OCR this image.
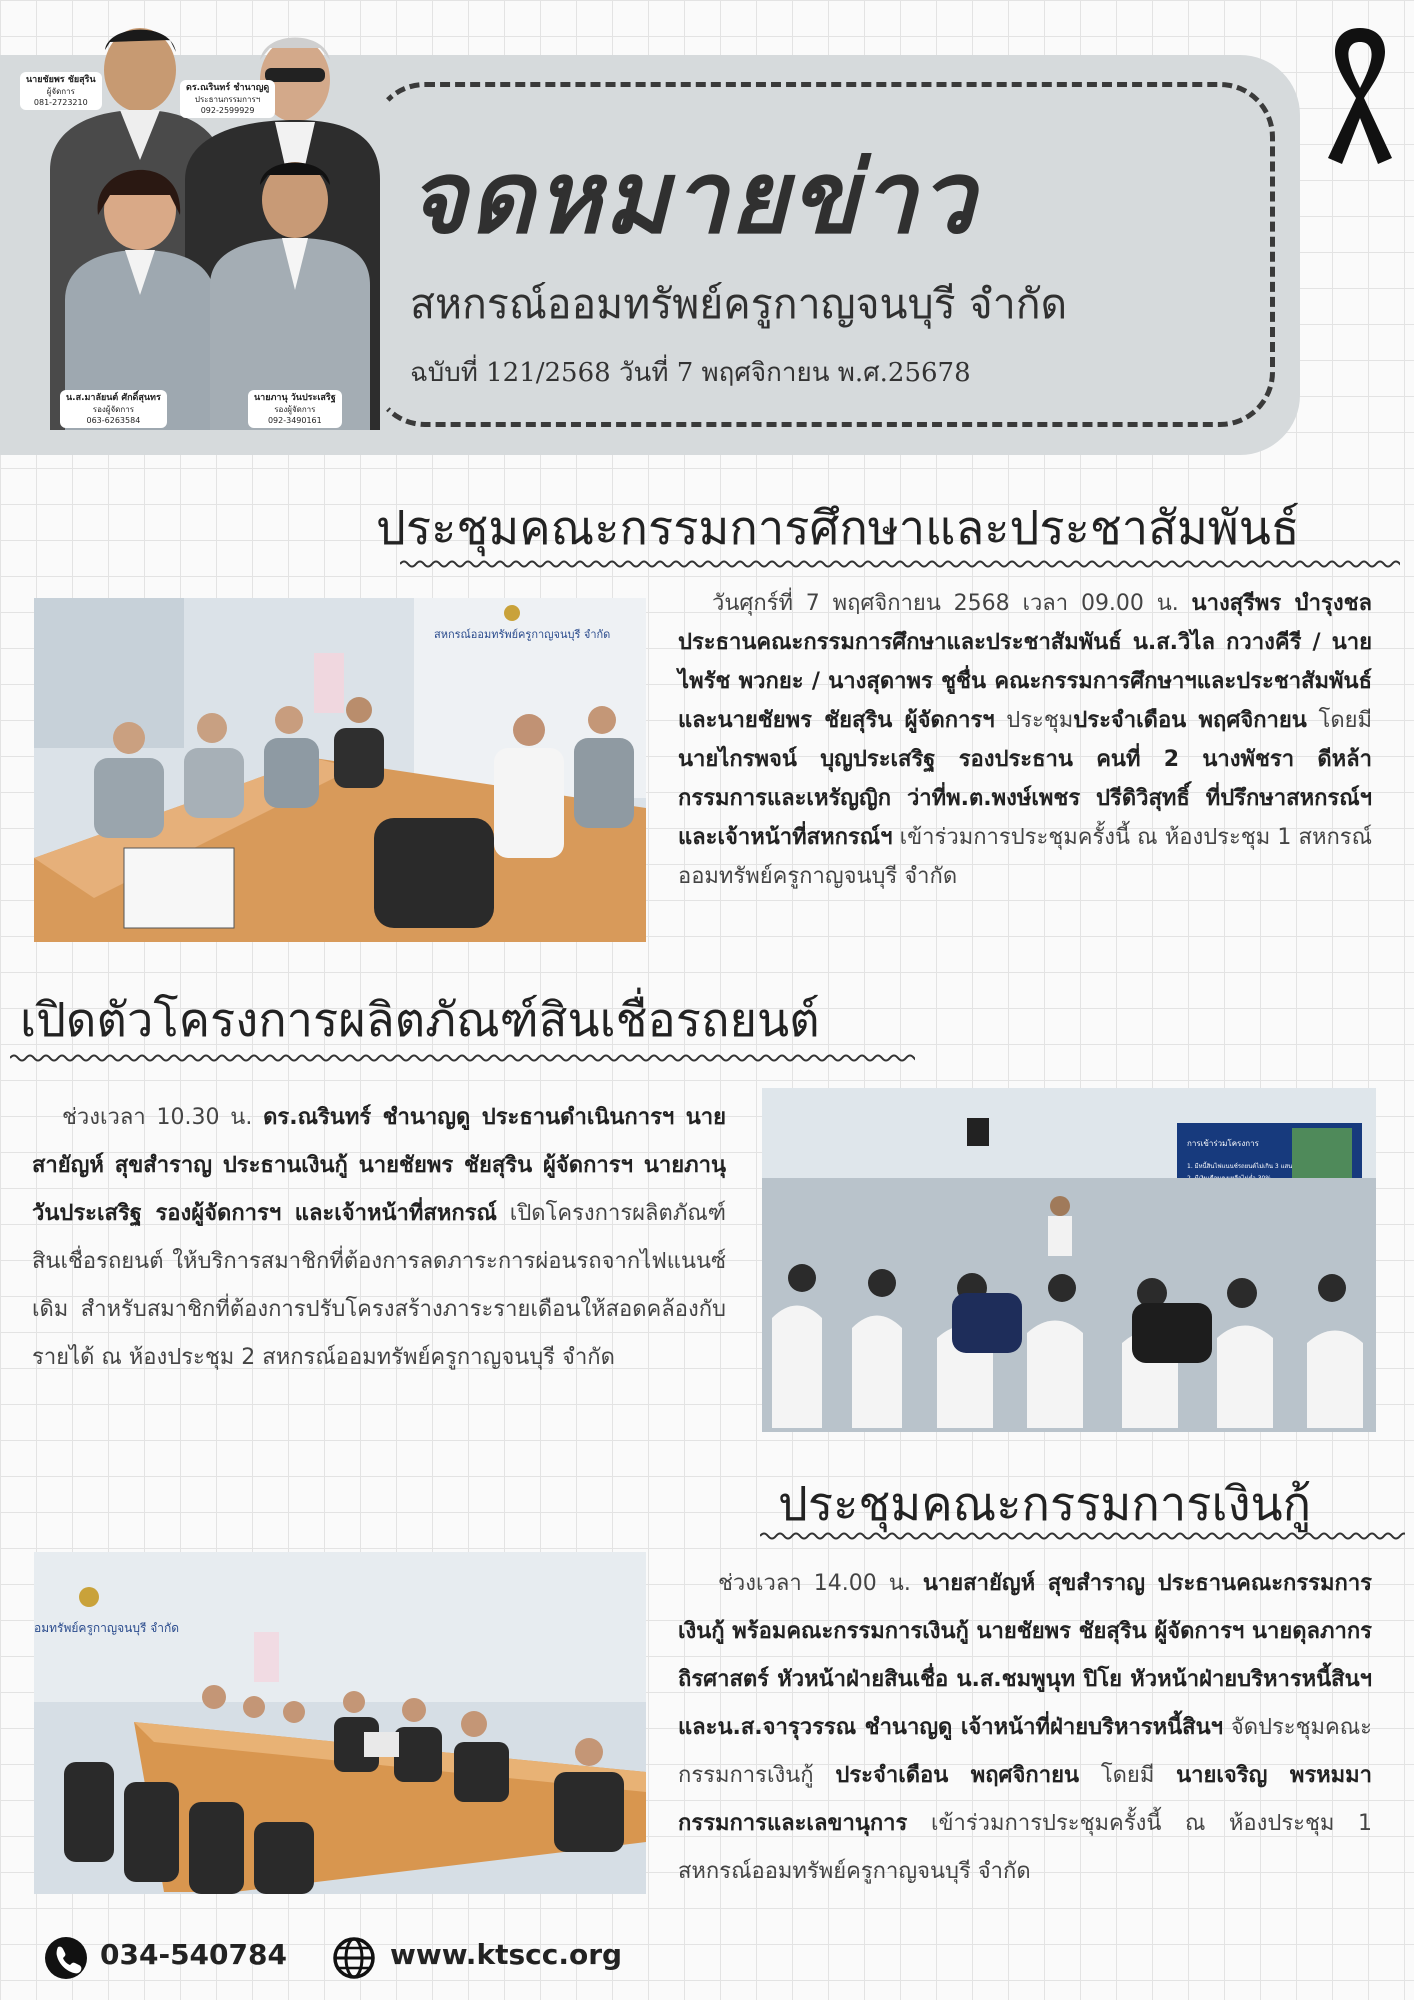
นายชัยพร ชัยสุริน
ผู้จัดการ
081-2723210
ดร.ณรินทร์ ชำนาญดู
ประธานกรรมการฯ
092-2599929
น.ส.มาลัยนต์ ศักดิ์สุนทร
รองผู้จัดการ
063-6263584
นายภานุ วันประเสริฐ
รองผู้จัดการ
092-3490161
จดหมายข่าว
สหกรณ์ออมทรัพย์ครูกาญจนบุรี จำกัด
ฉบับที่ 121/2568 วันที่ 7 พฤศจิกายน พ.ศ.25678
ประชุมคณะกรรมการศึกษาและประชาสัมพันธ์
สหกรณ์ออมทรัพย์ครูกาญจนบุรี จำกัด
วันศุกร์ที่ 7 พฤศจิกายน 2568 เวลา 09.00 น. นางสุรีพร บำรุงชล ประธานคณะกรรมการศึกษาและประชาสัมพันธ์ น.ส.วิไล กวางคีรี / นายไพรัช พวกยะ / นางสุดาพร ชูชื่น คณะกรรมการศึกษาฯและประชาสัมพันธ์ และนายชัยพร ชัยสุริน ผู้จัดการฯ ประชุมประจำเดือน พฤศจิกายน โดยมี นายไกรพจน์ บุญประเสริฐ รองประธาน คนที่ 2 นางพัชรา ดีหล้า กรรมการและเหรัญญิก ว่าที่พ.ต.พงษ์เพชร ปรีดิวิสุทธิ์ ที่ปรึกษาสหกรณ์ฯ และเจ้าหน้าที่สหกรณ์ฯ เข้าร่วมการประชุมครั้งนี้ ณ ห้องประชุม 1 สหกรณ์ออมทรัพย์ครูกาญจนบุรี จำกัด
เปิดตัวโครงการผลิตภัณฑ์สินเชื่อรถยนต์
ช่วงเวลา 10.30 น. ดร.ณรินทร์ ชำนาญดู ประธานดำเนินการฯ นายสายัญห์ สุขสำราญ ประธานเงินกู้ นายชัยพร ชัยสุริน ผู้จัดการฯ นายภานุ วันประเสริฐ รองผู้จัดการฯ และเจ้าหน้าที่สหกรณ์ เปิดโครงการผลิตภัณฑ์สินเชื่อรถยนต์ ให้บริการสมาชิกที่ต้องการลดภาระการผ่อนรถจากไฟแนนซ์เดิม สำหรับสมาชิกที่ต้องการปรับโครงสร้างภาระรายเดือนให้สอดคล้องกับรายได้ ณ ห้องประชุม 2 สหกรณ์ออมทรัพย์ครูกาญจนบุรี จำกัด
การเข้าร่วมโครงการ
1. มีหนี้สินไฟแนนซ์รถยนต์ไม่เกิน 3 แสน
ประชุมคณะกรรมการเงินกู้
อมทรัพย์ครูกาญจนบุรี จำกัด
ช่วงเวลา 14.00 น. นายสายัญห์ สุขสำราญ ประธานคณะกรรมการเงินกู้ พร้อมคณะกรรมการเงินกู้ นายชัยพร ชัยสุริน ผู้จัดการฯ นายดุลภากร ถิรศาสตร์ หัวหน้าฝ่ายสินเชื่อ น.ส.ชมพูนุท ปิโย หัวหน้าฝ่ายบริหารหนี้สินฯ และน.ส.จารุวรรณ ชำนาญดู เจ้าหน้าที่ฝ่ายบริหารหนี้สินฯ จัดประชุมคณะกรรมการเงินกู้ ประจำเดือน พฤศจิกายน โดยมี นายเจริญ พรหมมา กรรมการและเลขานุการ เข้าร่วมการประชุมครั้งนี้ ณ ห้องประชุม 1 สหกรณ์ออมทรัพย์ครูกาญจนบุรี จำกัด
034-540784	www.ktscc.org
